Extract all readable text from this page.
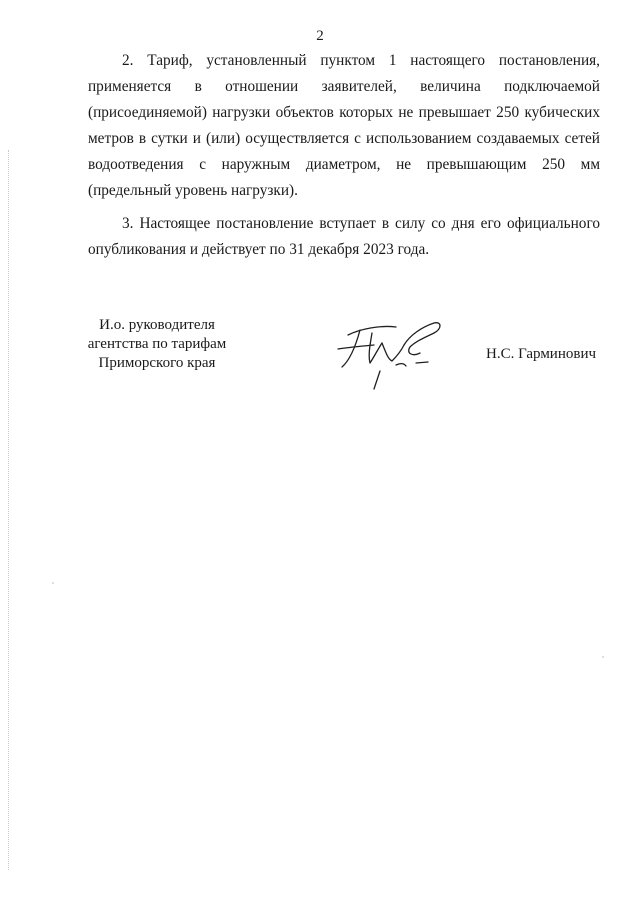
2

2. Тариф, установленный пунктом 1 настоящего постановления, применяется в отношении заявителей, величина подключаемой (присоединяемой) нагрузки объектов которых не превышает 250 кубических метров в сутки и (или) осуществляется с использованием создаваемых сетей водоотведения с наружным диаметром, не превышающим 250 мм (предельный уровень нагрузки).

3. Настоящее постановление вступает в силу со дня его официального опубликования и действует по 31 декабря 2023 года.

И.о. руководителя
агентства по тарифам
Приморского края
Н.С. Гарминович
